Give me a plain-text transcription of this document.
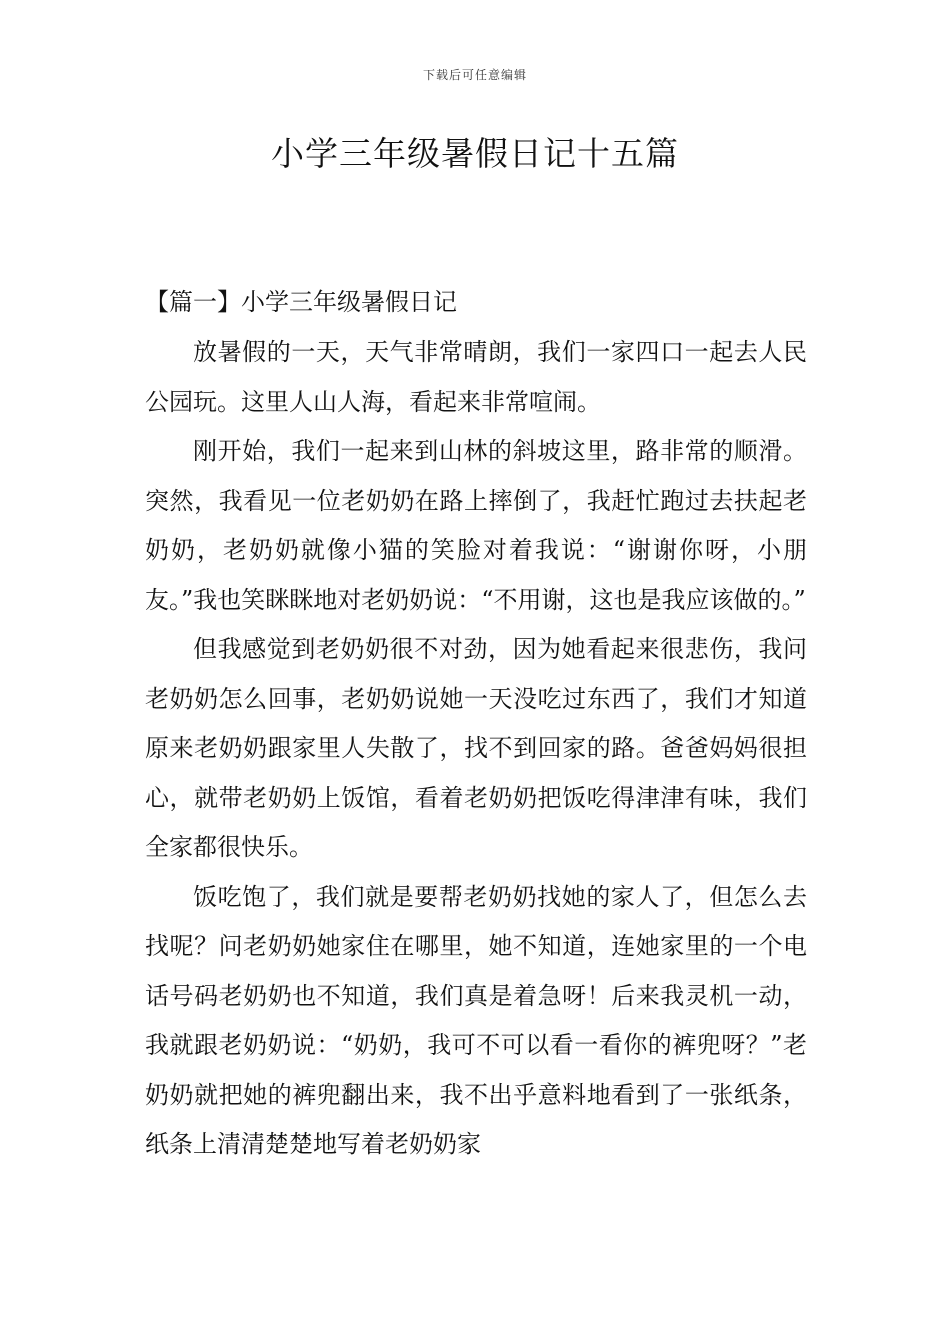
下载后可任意编辑
小学三年级暑假日记十五篇
【篇一】小学三年级暑假日记

放暑假的一天，天气非常晴朗，我们一家四口一起去人民公园玩。这里人山人海，看起来非常喧闹。

刚开始，我们一起来到山林的斜坡这里，路非常的顺滑。突然，我看见一位老奶奶在路上摔倒了，我赶忙跑过去扶起老奶奶，老奶奶就像小猫的笑脸对着我说：“谢谢你呀，小朋友。”我也笑眯眯地对老奶奶说：“不用谢，这也是我应该做的。”

但我感觉到老奶奶很不对劲，因为她看起来很悲伤，我问老奶奶怎么回事，老奶奶说她一天没吃过东西了，我们才知道原来老奶奶跟家里人失散了，找不到回家的路。爸爸妈妈很担心，就带老奶奶上饭馆，看着老奶奶把饭吃得津津有味，我们全家都很快乐。

饭吃饱了，我们就是要帮老奶奶找她的家人了，但怎么去找呢？问老奶奶她家住在哪里，她不知道，连她家里的一个电话号码老奶奶也不知道，我们真是着急呀！后来我灵机一动，我就跟老奶奶说：“奶奶，我可不可以看一看你的裤兜呀？”老奶奶就把她的裤兜翻出来，我不出乎意料地看到了一张纸条，纸条上清清楚楚地写着老奶奶家
